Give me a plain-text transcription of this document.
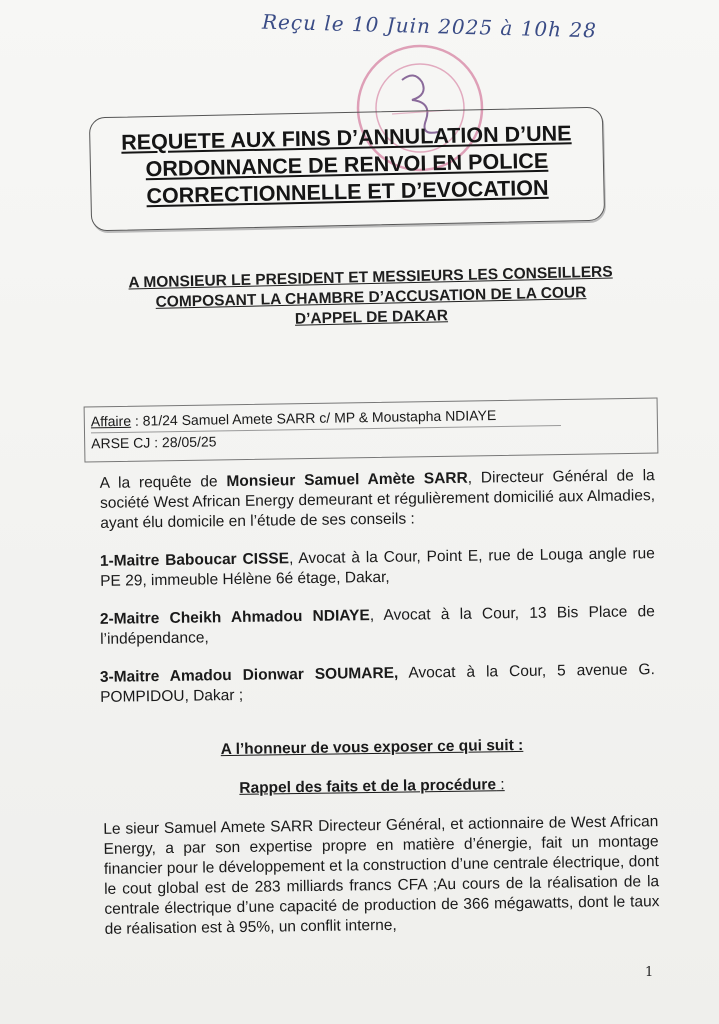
Reçu le 10 Juin 2025 à 10h 28
REQUETE AUX FINS D’ANNULATION D’UNE
ORDONNANCE DE RENVOI EN POLICE
CORRECTIONNELLE ET D’EVOCATION
A MONSIEUR LE PRESIDENT ET MESSIEURS LES CONSEILLERS
COMPOSANT LA CHAMBRE D’ACCUSATION DE LA COUR
D’APPEL DE DAKAR
Affaire : 81/24 Samuel Amete SARR c/ MP & Moustapha NDIAYE
ARSE CJ : 28/05/25
A la requête de Monsieur Samuel Amète SARR, Directeur Général de la société West African Energy demeurant et régulièrement domicilié aux Almadies, ayant élu domicile en l’étude de ses conseils :
1-Maitre Baboucar CISSE, Avocat à la Cour, Point E, rue de Louga angle rue PE 29, immeuble Hélène 6é étage, Dakar,
2-Maitre Cheikh Ahmadou NDIAYE, Avocat à la Cour, 13 Bis Place de l’indépendance,
3-Maitre Amadou Dionwar SOUMARE, Avocat à la Cour, 5 avenue G. POMPIDOU, Dakar ;
A l’honneur de vous exposer ce qui suit :
Rappel des faits et de la procédure :
Le sieur Samuel Amete SARR Directeur Général, et actionnaire de West African Energy, a par son expertise propre en matière d’énergie, fait un montage financier pour le développement et la construction d’une centrale électrique, dont le cout global est de 283 milliards francs CFA ;Au cours de la réalisation de la centrale électrique d’une capacité de production de 366 mégawatts, dont le taux de réalisation est à 95%, un conflit interne,
1
